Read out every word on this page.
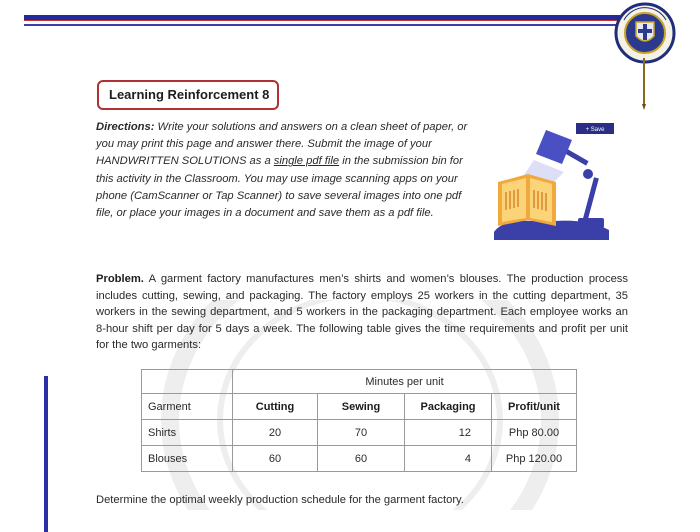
Learning Reinforcement 8
Directions: Write your solutions and answers on a clean sheet of paper, or you may print this page and answer there. Submit the image of your HANDWRITTEN SOLUTIONS as a single pdf file in the submission bin for this activity in the Classroom. You may use image scanning apps on your phone (CamScanner or Tap Scanner) to save several images into one pdf file, or place your images in a document and save them as a pdf file.
+ Save
Problem. A garment factory manufactures men’s shirts and women’s blouses. The production process includes cutting, sewing, and packaging. The factory employs 25 workers in the cutting department, 35 workers in the sewing department, and 5 workers in the packaging department. Each employee works an 8-hour shift per day for 5 days a week. The following table gives the time requirements and profit per unit for the two garments:
	Minutes per unit			
Garment	Cutting	Sewing	Packaging	Profit/unit
Shirts	20	70	12	Php 80.00
Blouses	60	60	4	Php 120.00
Determine the optimal weekly production schedule for the garment factory.
